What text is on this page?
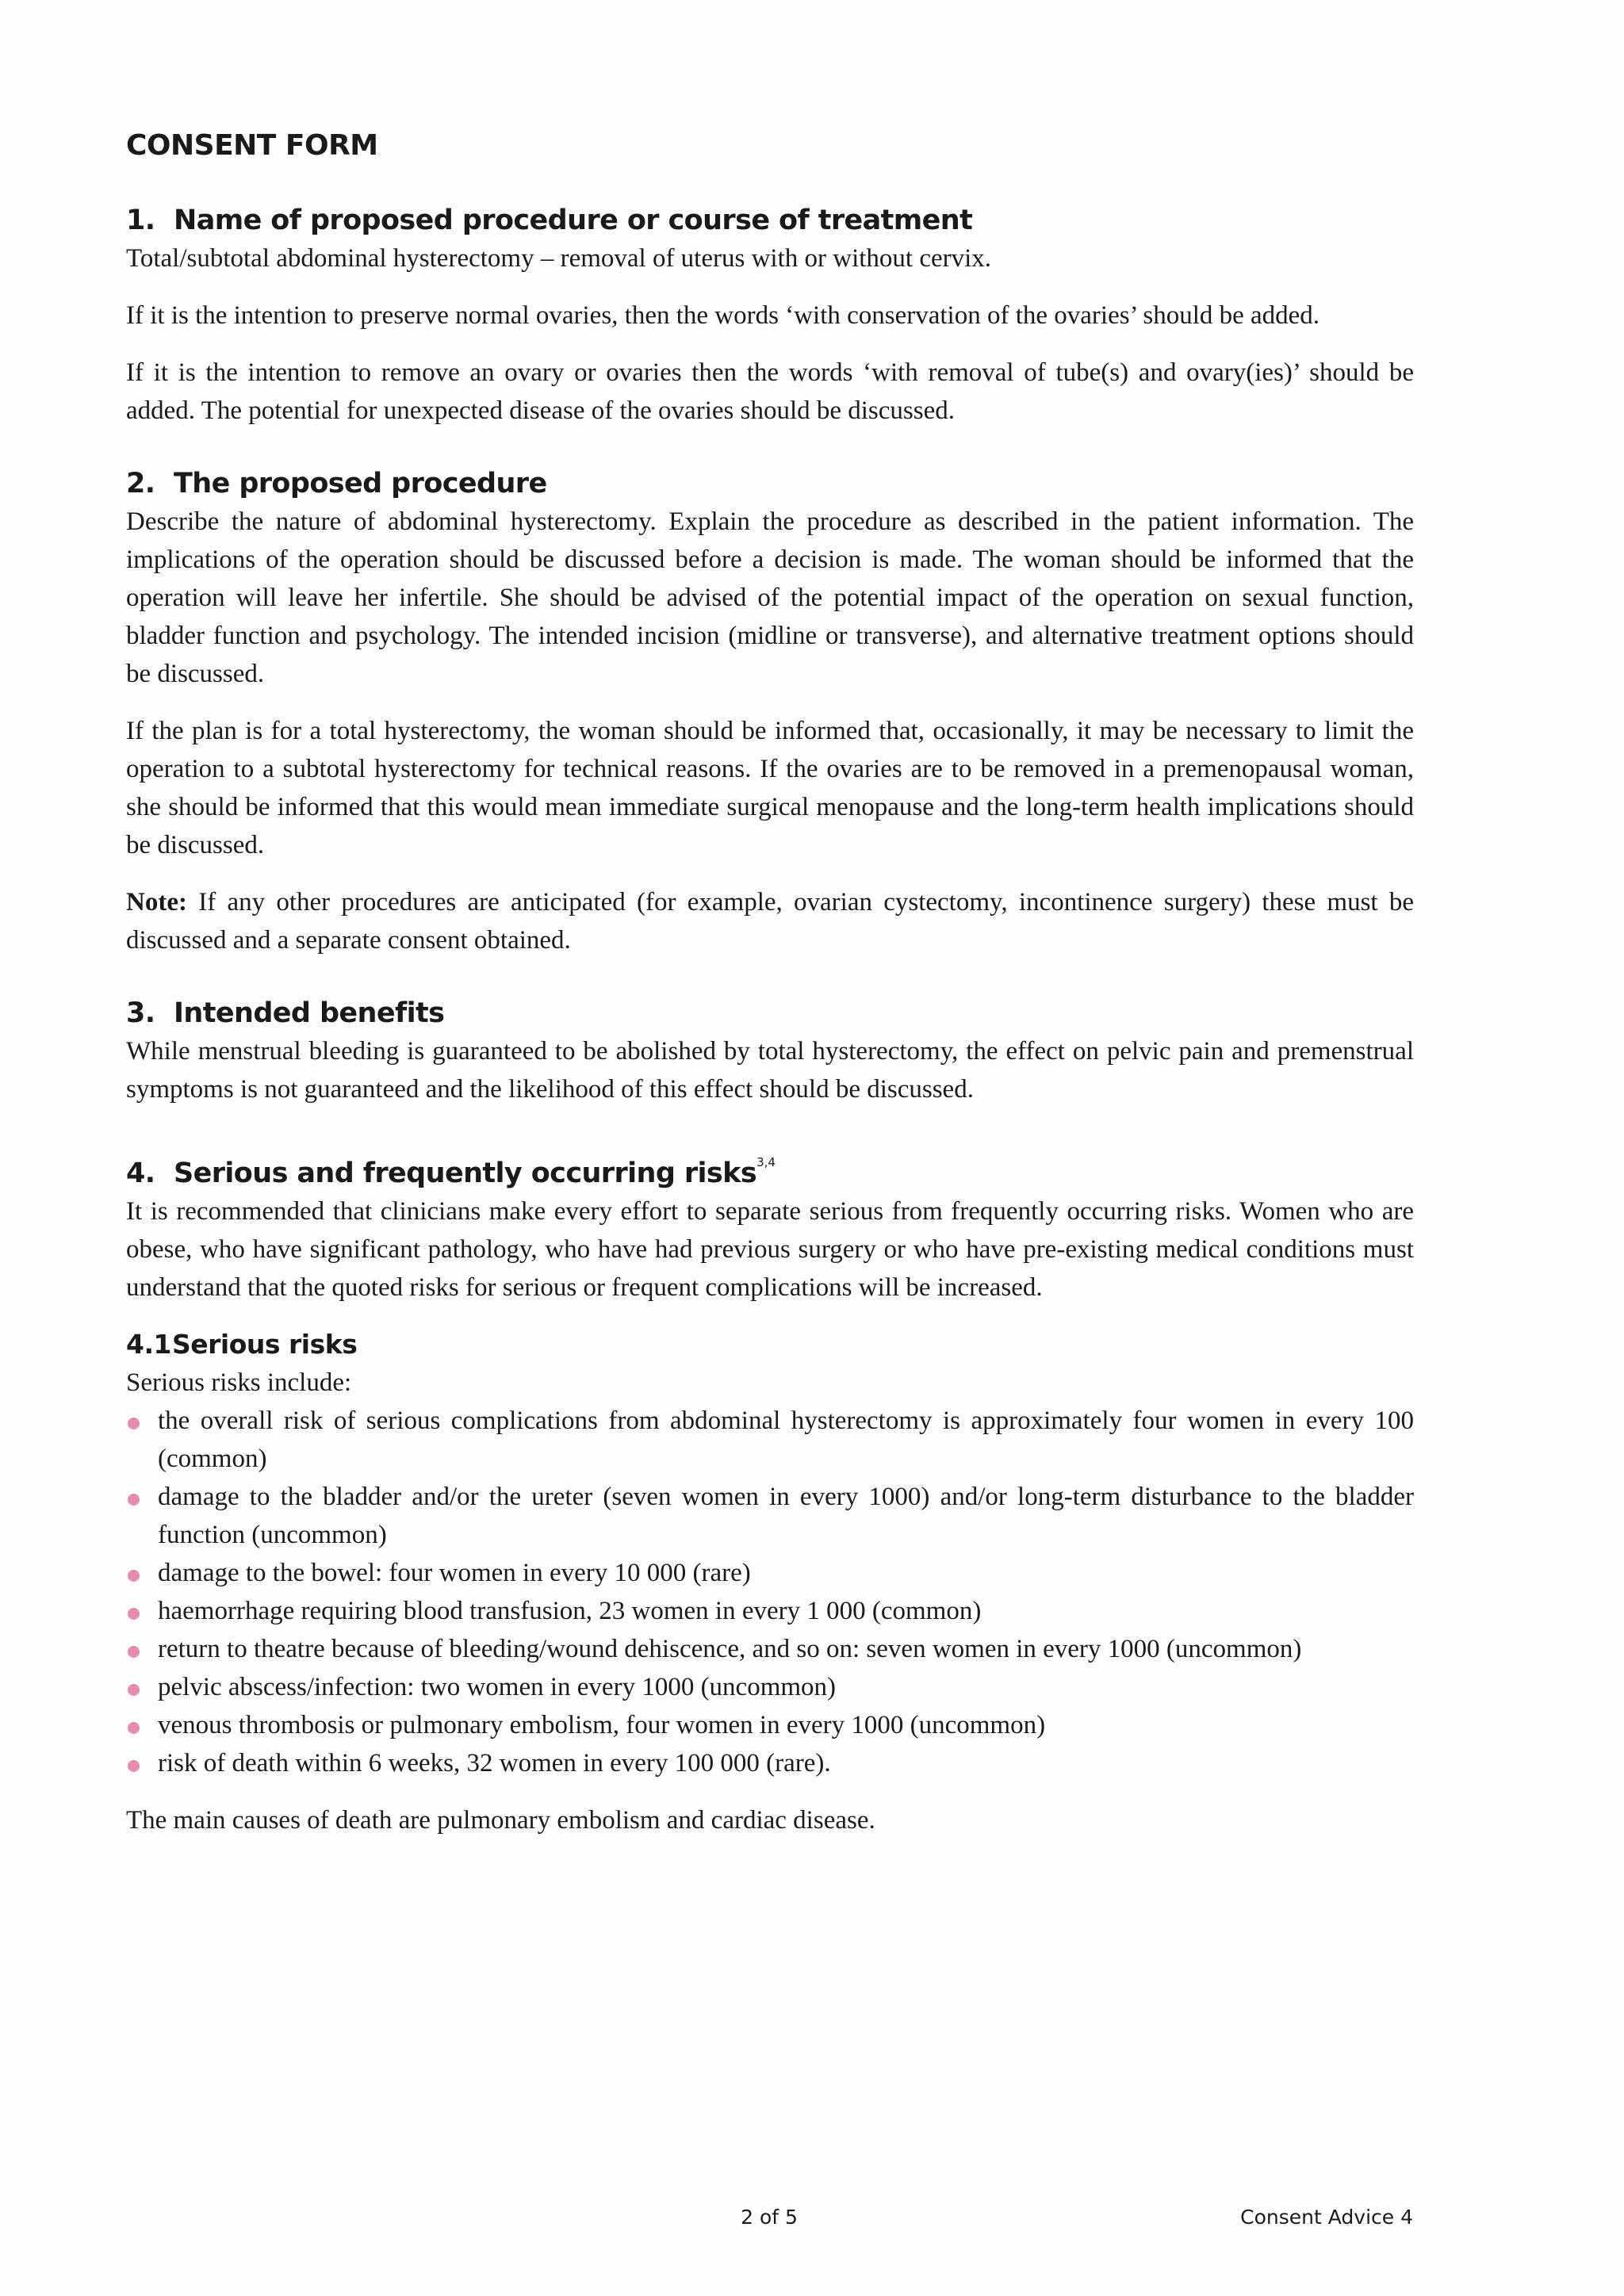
CONSENT FORM
1. Name of proposed procedure or course of treatment

Total/subtotal abdominal hysterectomy – removal of uterus with or without cervix.

If it is the intention to preserve normal ovaries, then the words ‘with conservation of the ovaries’ should be added.

If it is the intention to remove an ovary or ovaries then the words ‘with removal of tube(s) and ovary(ies)’ should be added. The potential for unexpected disease of the ovaries should be discussed.

2. The proposed procedure

Describe the nature of abdominal hysterectomy. Explain the procedure as described in the patient information. The implications of the operation should be discussed before a decision is made. The woman should be informed that the operation will leave her infertile. She should be advised of the potential impact of the operation on sexual function, bladder function and psychology. The intended incision (midline or transverse), and alternative treatment options should be discussed.

If the plan is for a total hysterectomy, the woman should be informed that, occasionally, it may be necessary to limit the operation to a subtotal hysterectomy for technical reasons. If the ovaries are to be removed in a premenopausal woman, she should be informed that this would mean immediate surgical menopause and the long-term health implications should be discussed.

Note: If any other procedures are anticipated (for example, ovarian cystectomy, incontinence surgery) these must be discussed and a separate consent obtained.

3. Intended benefits

While menstrual bleeding is guaranteed to be abolished by total hysterectomy, the effect on pelvic pain and premenstrual symptoms is not guaranteed and the likelihood of this effect should be discussed.

4. Serious and frequently occurring risks$^{3,4}$

It is recommended that clinicians make every effort to separate serious from frequently occurring risks. Women who are obese, who have significant pathology, who have had previous surgery or who have pre-existing medical conditions must understand that the quoted risks for serious or frequent complications will be increased.

4.1Serious risks

Serious risks include:

the overall risk of serious complications from abdominal hysterectomy is approximately four women in every 100 (common)
damage to the bladder and/or the ureter (seven women in every 1000) and/or long-term disturbance to the bladder function (uncommon)
damage to the bowel: four women in every 10 000 (rare)
haemorrhage requiring blood transfusion, 23 women in every 1 000 (common)
return to theatre because of bleeding/wound dehiscence, and so on: seven women in every 1000 (uncommon)
pelvic abscess/infection: two women in every 1000 (uncommon)
venous thrombosis or pulmonary embolism, four women in every 1000 (uncommon)
risk of death within 6 weeks, 32 women in every 100 000 (rare).

The main causes of death are pulmonary embolism and cardiac disease.

2 of 5	Consent Advice 4
